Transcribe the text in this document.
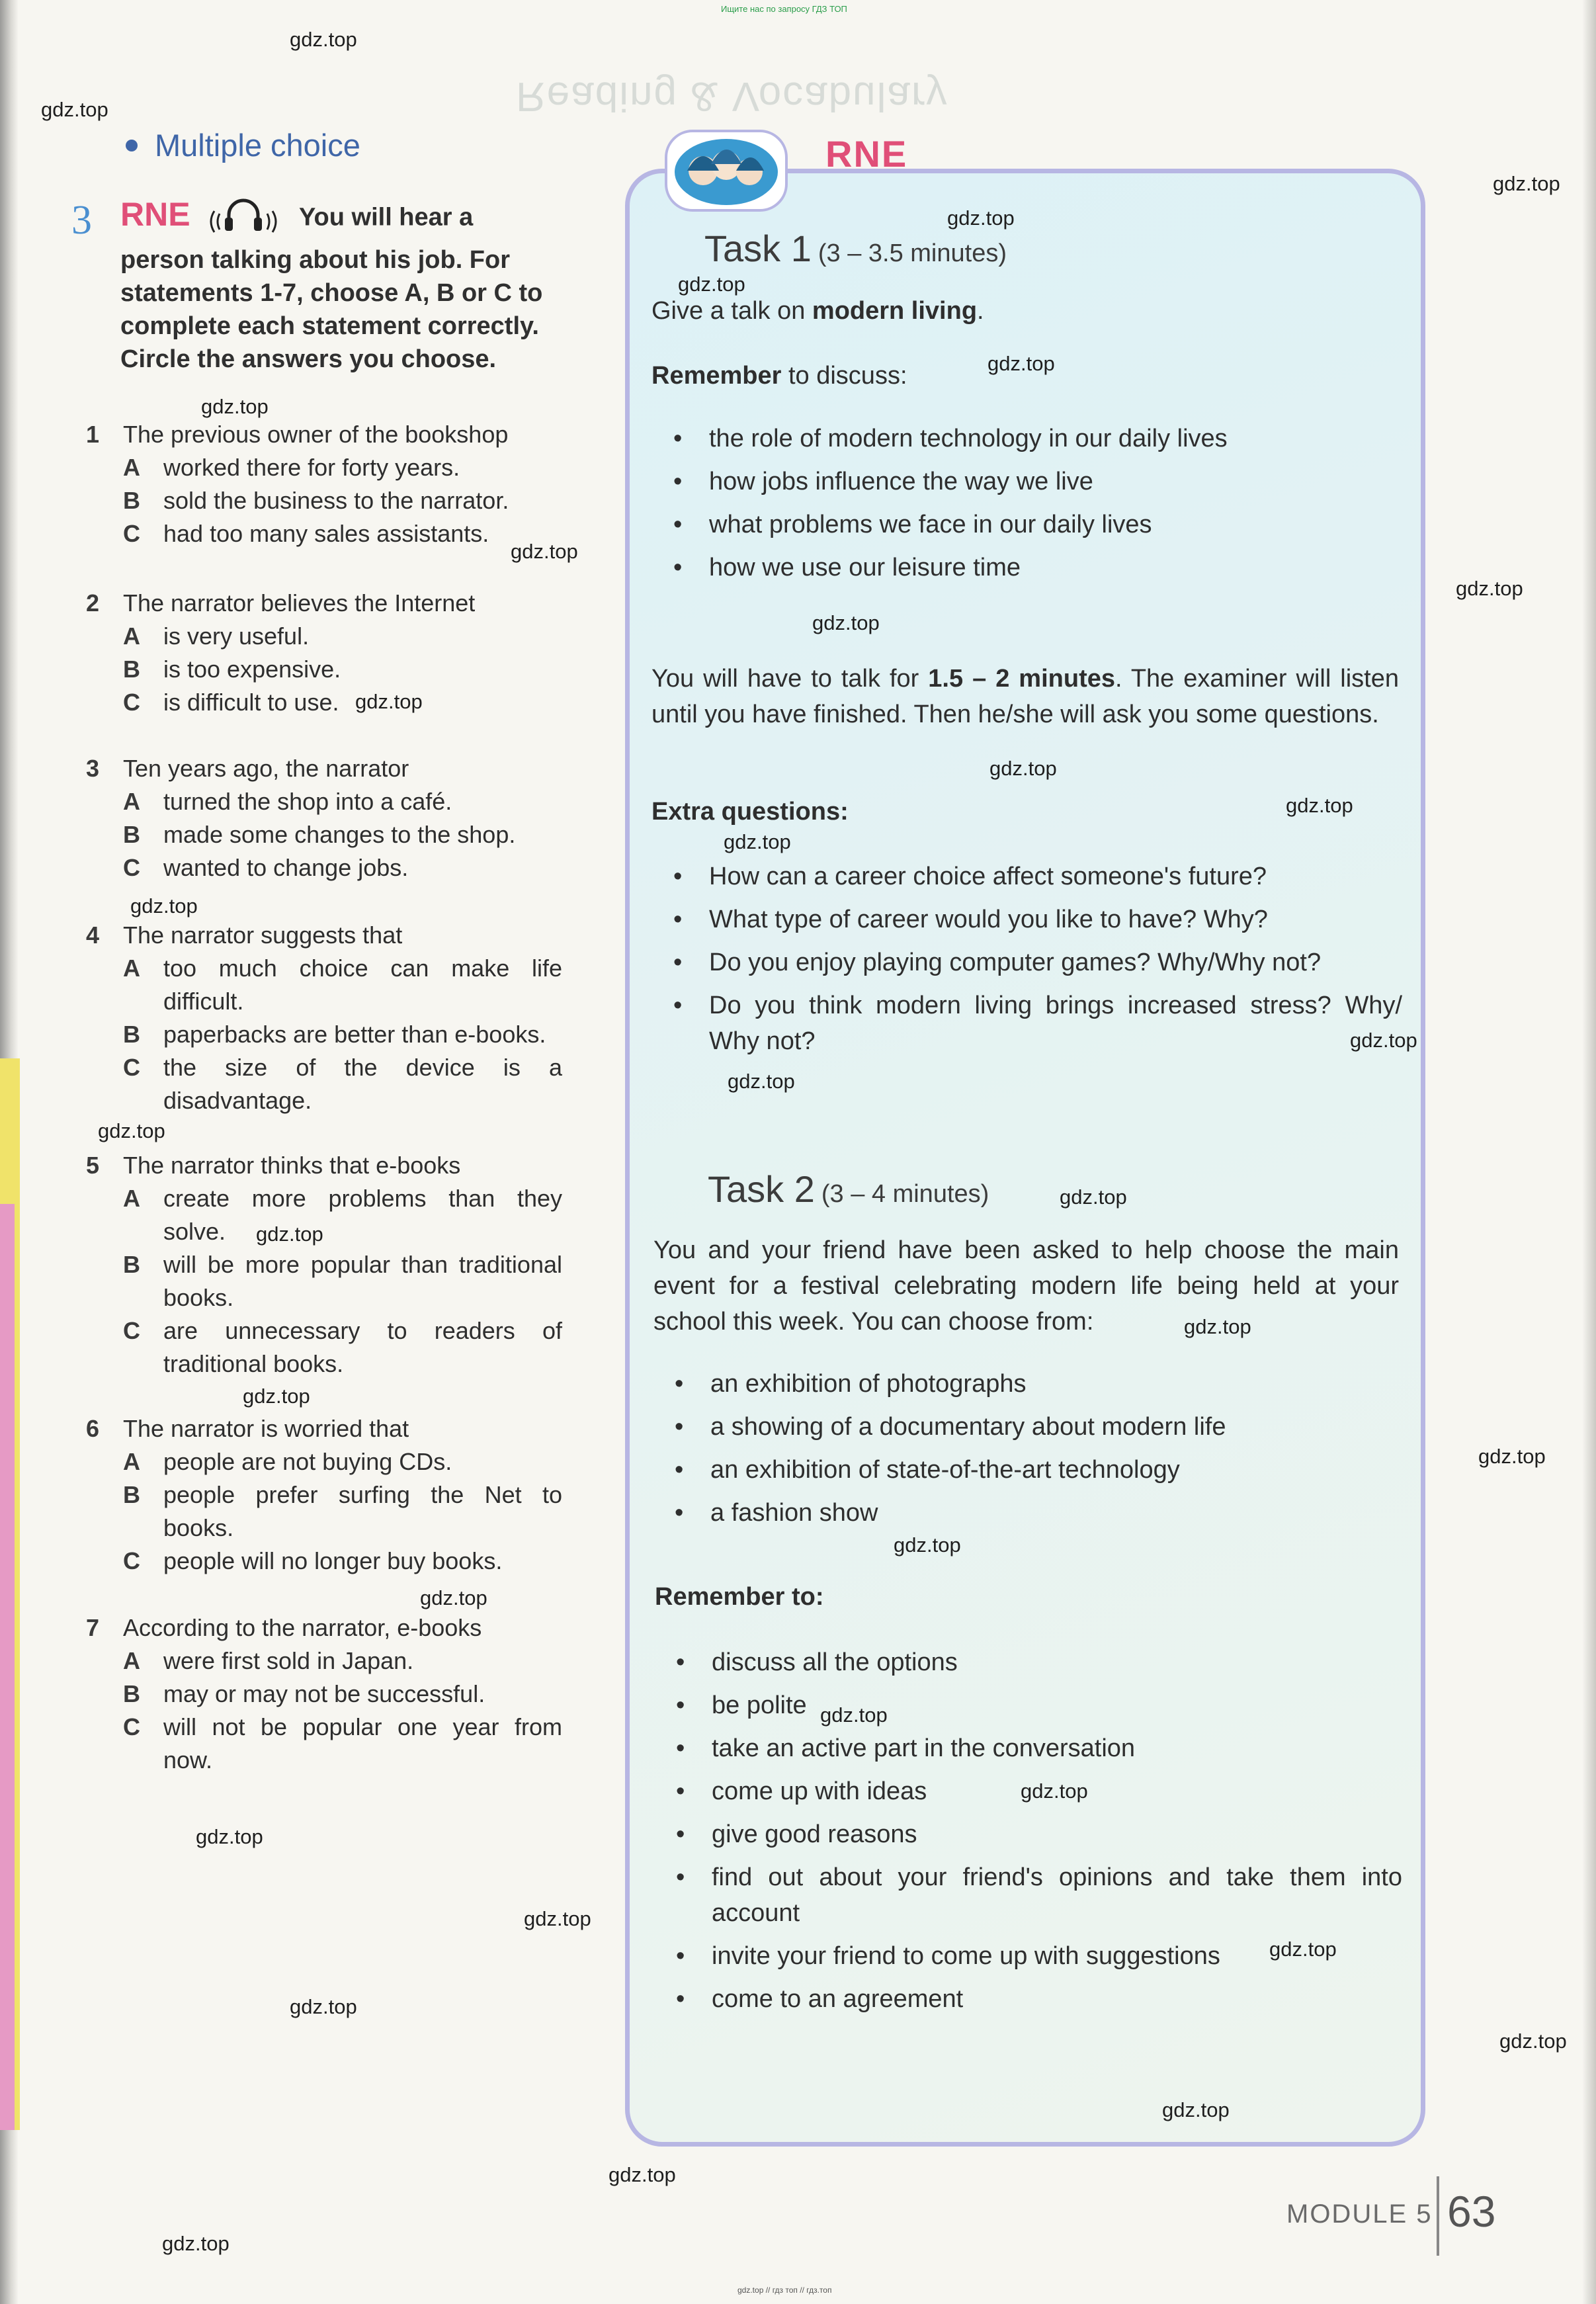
Reading & Vocabulary
Ищите нас по запросу ГДЗ ТОП
Multiple choice
3 RNE	You will hear a person talking about his job. For statements 1-7, choose A, B or C to complete each statement correctly. Circle the answers you choose.
1 The previous owner of the bookshop
A worked there for forty years.
B sold the business to the narrator.
C had too many sales assistants.
2 The narrator believes the Internet
A is very useful.
B is too expensive.
C is difficult to use.
3 Ten years ago, the narrator
A turned the shop into a café.
B made some changes to the shop.
C wanted to change jobs.
4 The narrator suggests that
A too much choice can make life difficult.
B paperbacks are better than e-books.
C the size of the device is a disadvantage.
5 The narrator thinks that e-books
A create more problems than they solve.
B will be more popular than traditional books.
C are unnecessary to readers of traditional books.
6 The narrator is worried that
A people are not buying CDs.
B people prefer surfing the Net to books.
C people will no longer buy books.
7 According to the narrator, e-books
A were first sold in Japan.
B may or may not be successful.
C will not be popular one year from now.
RNE
Task 1 (3 – 3.5 minutes)
Give a talk on modern living.
Remember to discuss:
• the role of modern technology in our daily lives
• how jobs influence the way we live
• what problems we face in our daily lives
• how we use our leisure time
You will have to talk for 1.5 – 2 minutes. The examiner will listen until you have finished. Then he/she will ask you some questions.
Extra questions:
• How can a career choice affect someone's future?
• What type of career would you like to have? Why?
• Do you enjoy playing computer games? Why/Why not?
• Do you think modern living brings increased stress? Why/ Why not?
Task 2 (3 – 4 minutes)
You and your friend have been asked to help choose the main event for a festival celebrating modern life being held at your school this week. You can choose from:
• an exhibition of photographs
• a showing of a documentary about modern life
• an exhibition of state-of-the-art technology
• a fashion show
Remember to:
• discuss all the options
• be polite
• take an active part in the conversation
• come up with ideas
• give good reasons
• find out about your friend's opinions and take them into account
• invite your friend to come up with suggestions
• come to an agreement
MODULE 5 63
gdz.top // гдз топ // гдз.топ
gdz.top
gdz.top
gdz.top
gdz.top
gdz.top
gdz.top
gdz.top
gdz.top
gdz.top
gdz.top
gdz.top
gdz.top
gdz.top
gdz.top
gdz.top
gdz.top
gdz.top
gdz.top
gdz.top
gdz.top
gdz.top
gdz.top
gdz.top
gdz.top
gdz.top
gdz.top
gdz.top
gdz.top
gdz.top
gdz.top
gdz.top
gdz.top
gdz.top
gdz.top
gdz.top
